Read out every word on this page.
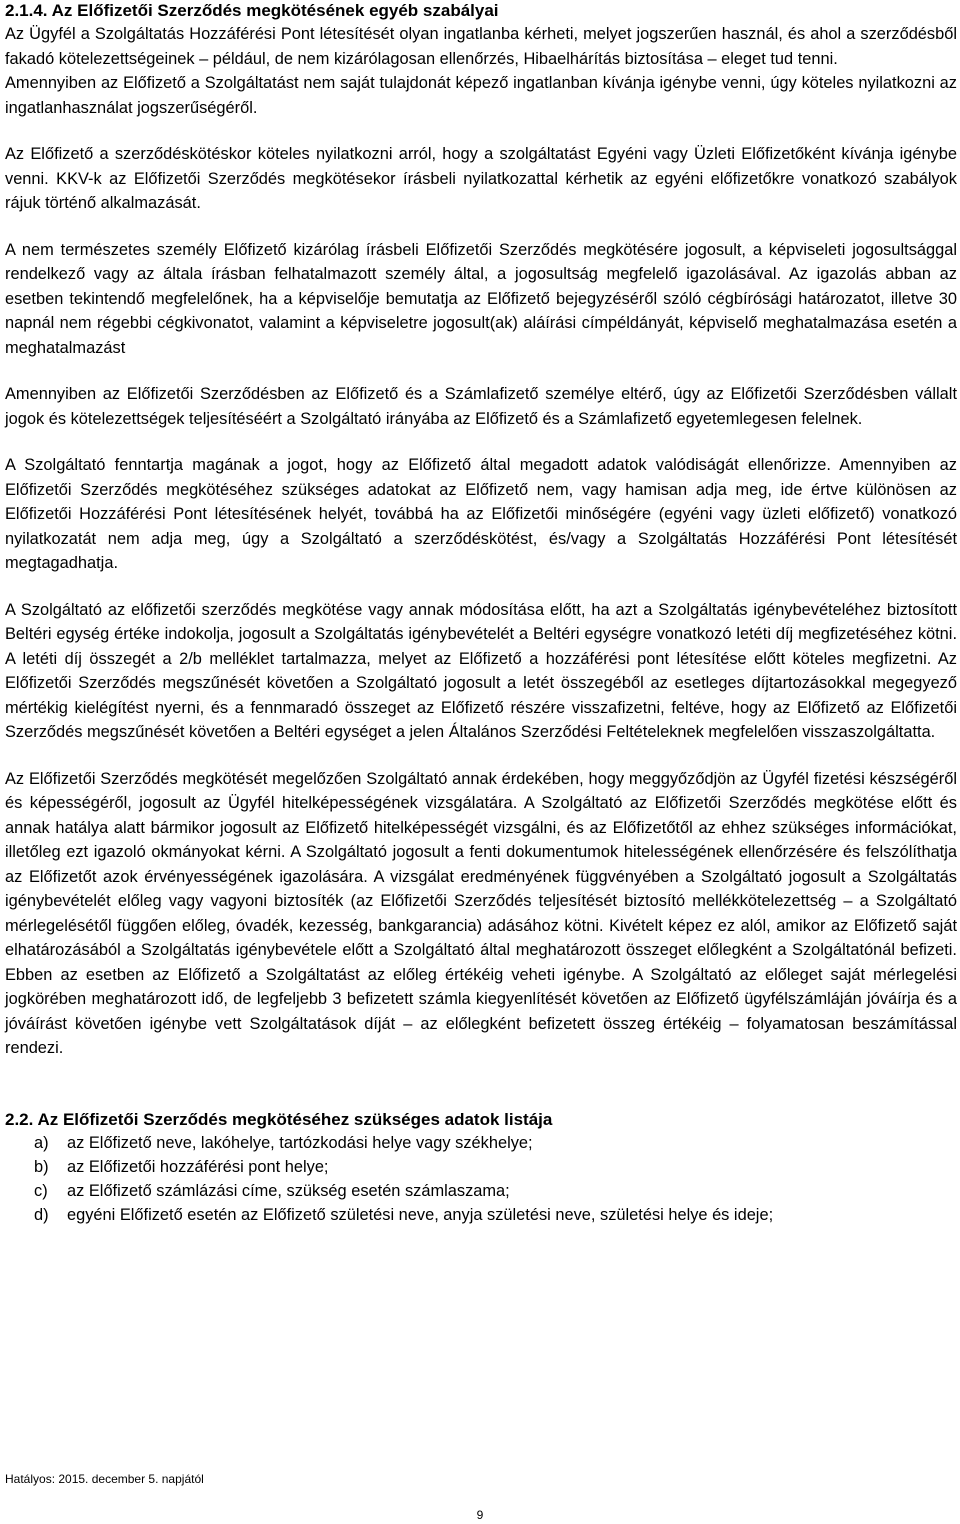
2.1.4. Az Előfizetői Szerződés megkötésének egyéb szabályai

Az Ügyfél a Szolgáltatás Hozzáférési Pont létesítését olyan ingatlanba kérheti, melyet jogszerűen használ, és ahol a szerződésből fakadó kötelezettségeinek – például, de nem kizárólagosan ellenőrzés, Hibaelhárítás biztosítása – eleget tud tenni.

Amennyiben az Előfizető a Szolgáltatást nem saját tulajdonát képező ingatlanban kívánja igénybe venni, úgy köteles nyilatkozni az ingatlanhasználat jogszerűségéről.

Az Előfizető a szerződéskötéskor köteles nyilatkozni arról, hogy a szolgáltatást Egyéni vagy Üzleti Előfizetőként kívánja igénybe venni. KKV-k az Előfizetői Szerződés megkötésekor írásbeli nyilatkozattal kérhetik az egyéni előfizetőkre vonatkozó szabályok rájuk történő alkalmazását.

A nem természetes személy Előfizető kizárólag írásbeli Előfizetői Szerződés megkötésére jogosult, a képviseleti jogosultsággal rendelkező vagy az általa írásban felhatalmazott személy által, a jogosultság megfelelő igazolásával. Az igazolás abban az esetben tekintendő megfelelőnek, ha a képviselője bemutatja az Előfizető bejegyzéséről szóló cégbírósági határozatot, illetve 30 napnál nem régebbi cégkivonatot, valamint a képviseletre jogosult(ak) aláírási címpéldányát, képviselő meghatalmazása esetén a meghatalmazást

Amennyiben az Előfizetői Szerződésben az Előfizető és a Számlafizető személye eltérő, úgy az Előfizetői Szerződésben vállalt jogok és kötelezettségek teljesítéséért a Szolgáltató irányába az Előfizető és a Számlafizető egyetemlegesen felelnek.

A Szolgáltató fenntartja magának a jogot, hogy az Előfizető által megadott adatok valódiságát ellenőrizze. Amennyiben az Előfizetői Szerződés megkötéséhez szükséges adatokat az Előfizető nem, vagy hamisan adja meg, ide értve különösen az Előfizetői Hozzáférési Pont létesítésének helyét, továbbá ha az Előfizetői minőségére (egyéni vagy üzleti előfizető) vonatkozó nyilatkozatát nem adja meg, úgy a Szolgáltató a szerződéskötést, és/vagy a Szolgáltatás Hozzáférési Pont létesítését megtagadhatja.

A Szolgáltató az előfizetői szerződés megkötése vagy annak módosítása előtt, ha azt a Szolgáltatás igénybevételéhez biztosított Beltéri egység értéke indokolja, jogosult a Szolgáltatás igénybevételét a Beltéri egységre vonatkozó letéti díj megfizetéséhez kötni. A letéti díj összegét a 2/b melléklet tartalmazza, melyet az Előfizető a hozzáférési pont létesítése előtt köteles megfizetni. Az Előfizetői Szerződés megszűnését követően a Szolgáltató jogosult a letét összegéből az esetleges díjtartozásokkal megegyező mértékig kielégítést nyerni, és a fennmaradó összeget az Előfizető részére visszafizetni, feltéve, hogy az Előfizető az Előfizetői Szerződés megszűnését követően a Beltéri egységet a jelen Általános Szerződési Feltételeknek megfelelően visszaszolgáltatta.

Az Előfizetői Szerződés megkötését megelőzően Szolgáltató annak érdekében, hogy meggyőződjön az Ügyfél fizetési készségéről és képességéről, jogosult az Ügyfél hitelképességének vizsgálatára. A Szolgáltató az Előfizetői Szerződés megkötése előtt és annak hatálya alatt bármikor jogosult az Előfizető hitelképességét vizsgálni, és az Előfizetőtől az ehhez szükséges információkat, illetőleg ezt igazoló okmányokat kérni. A Szolgáltató jogosult a fenti dokumentumok hitelességének ellenőrzésére és felszólíthatja az Előfizetőt azok érvényességének igazolására. A vizsgálat eredményének függvényében a Szolgáltató jogosult a Szolgáltatás igénybevételét előleg vagy vagyoni biztosíték (az Előfizetői Szerződés teljesítését biztosító mellékkötelezettség – a Szolgáltató mérlegelésétől függően előleg, óvadék, kezesség, bankgarancia) adásához kötni. Kivételt képez ez alól, amikor az Előfizető saját elhatározásából a Szolgáltatás igénybevétele előtt a Szolgáltató által meghatározott összeget előlegként a Szolgáltatónál befizeti. Ebben az esetben az Előfizető a Szolgáltatást az előleg értékéig veheti igénybe. A Szolgáltató az előleget saját mérlegelési jogkörében meghatározott idő, de legfeljebb 3 befizetett számla kiegyenlítését követően az Előfizető ügyfélszámláján jóváírja és a jóváírást követően igénybe vett Szolgáltatások díját – az előlegként befizetett összeg értékéig – folyamatosan beszámítással rendezi.

2.2. Az Előfizetői Szerződés megkötéséhez szükséges adatok listája

a)	az Előfizető neve, lakóhelye, tartózkodási helye vagy székhelye;
b)	az Előfizetői hozzáférési pont helye;
c)	az Előfizető számlázási címe, szükség esetén számlaszama;
d)	egyéni Előfizető esetén az Előfizető születési neve, anyja születési neve, születési helye és ideje;
Hatályos: 2015. december 5. napjától
9
